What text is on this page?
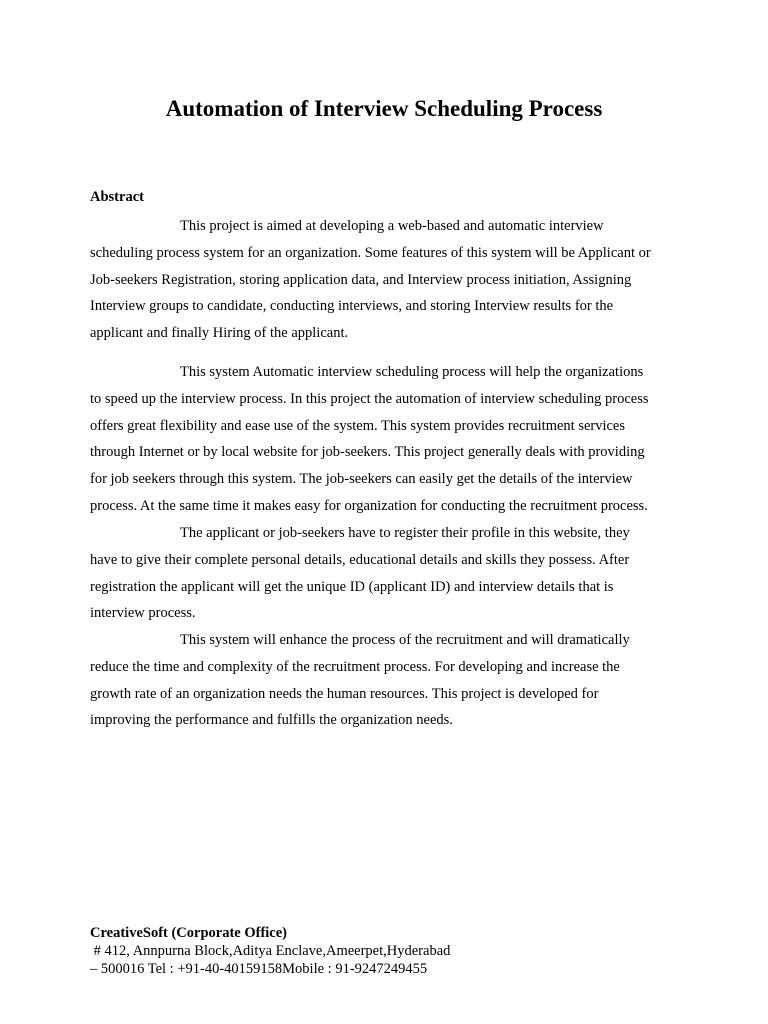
Automation of Interview Scheduling Process
Abstract

This project is aimed at developing a web-based and automatic interview
scheduling process system for an organization. Some features of this system will be Applicant or
Job-seekers Registration, storing application data, and Interview process initiation, Assigning
Interview groups to candidate, conducting interviews, and storing Interview results for the
applicant and finally Hiring of the applicant.

This system Automatic interview scheduling process will help the organizations
to speed up the interview process. In this project the automation of interview scheduling process
offers great flexibility and ease use of the system. This system provides recruitment services
through Internet or by local website for job-seekers. This project generally deals with providing
for job seekers through this system. The job-seekers can easily get the details of the interview
process. At the same time it makes easy for organization for conducting the recruitment process.

The applicant or job-seekers have to register their profile in this website, they
have to give their complete personal details, educational details and skills they possess. After
registration the applicant will get the unique ID (applicant ID) and interview details that is
interview process.

This system will enhance the process of the recruitment and will dramatically
reduce the time and complexity of the recruitment process. For developing and increase the
growth rate of an organization needs the human resources. This project is developed for
improving the performance and fulfills the organization needs.

CreativeSoft (Corporate Office)
# 412, Annpurna Block,Aditya Enclave,Ameerpet,Hyderabad
– 500016 Tel : +91-40-40159158Mobile : 91-9247249455
